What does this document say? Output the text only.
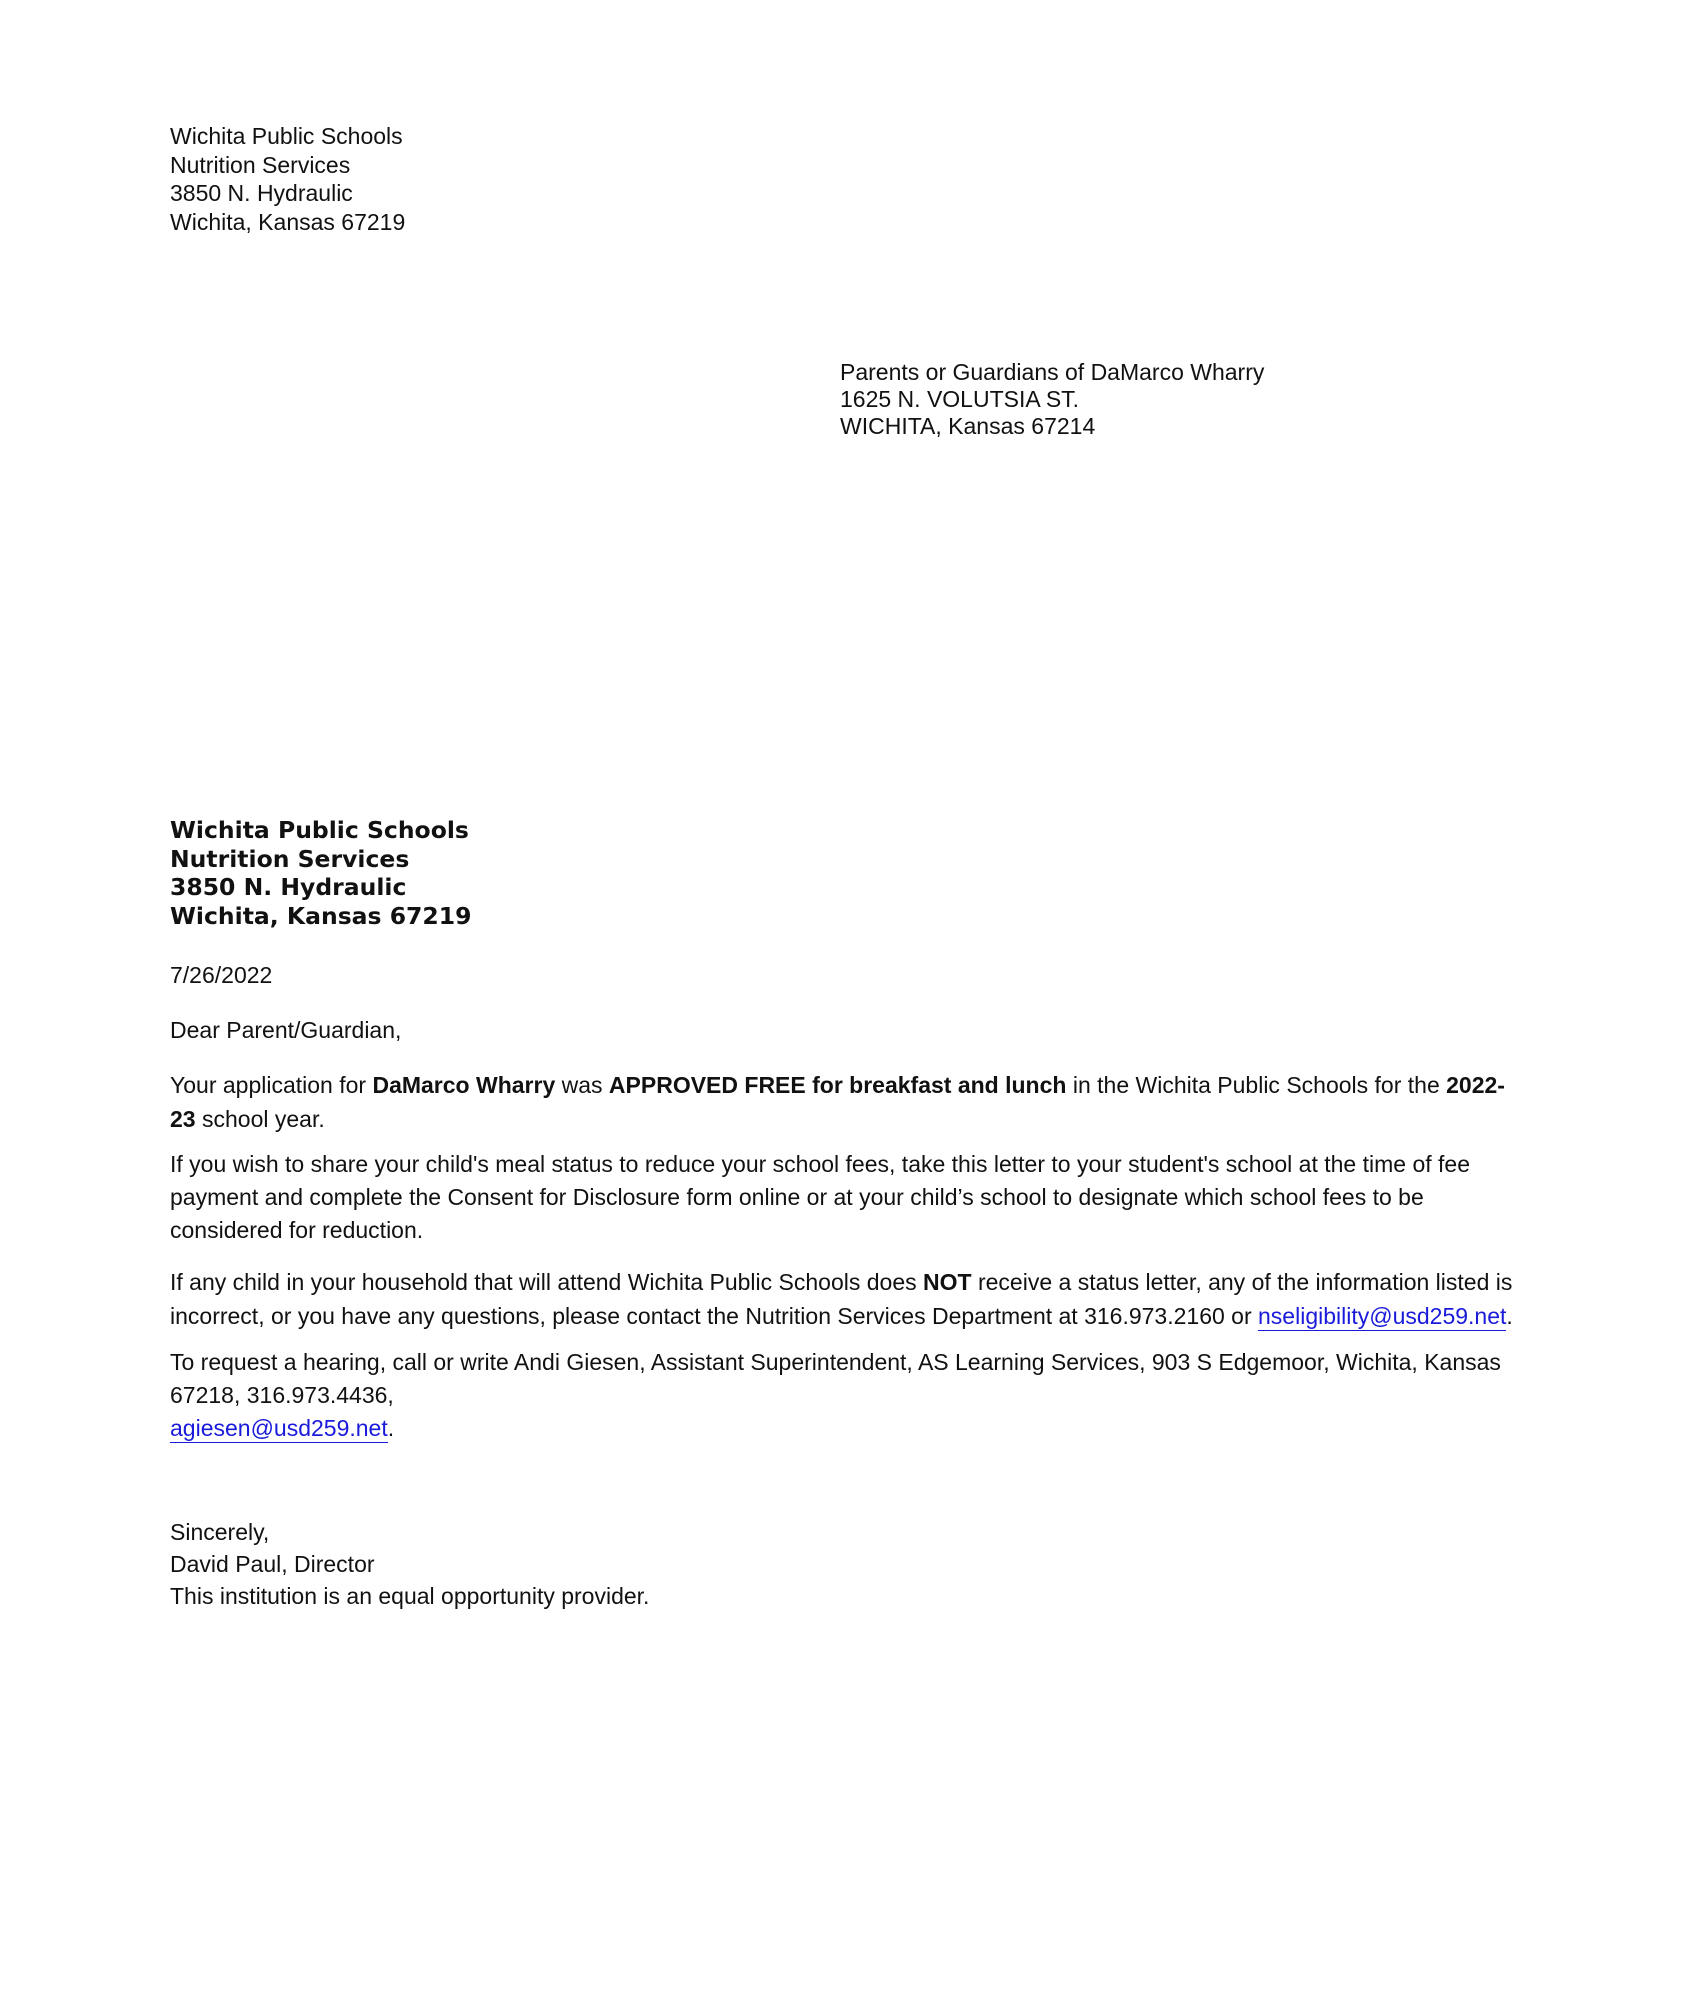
Wichita Public Schools
Nutrition Services
3850 N. Hydraulic
Wichita, Kansas 67219
Parents or Guardians of DaMarco Wharry
1625 N. VOLUTSIA ST.
WICHITA, Kansas 67214
Wichita Public Schools
Nutrition Services
3850 N. Hydraulic
Wichita, Kansas 67219
7/26/2022
Dear Parent/Guardian,
Your application for DaMarco Wharry was APPROVED FREE for breakfast and lunch in the Wichita Public Schools for the 2022-
23 school year.
If you wish to share your child's meal status to reduce your school fees, take this letter to your student's school at the time of fee
payment and complete the Consent for Disclosure form online or at your child’s school to designate which school fees to be
considered for reduction.
If any child in your household that will attend Wichita Public Schools does NOT receive a status letter, any of the information listed is
incorrect, or you have any questions, please contact the Nutrition Services Department at 316.973.2160 or nseligibility@usd259.net.
To request a hearing, call or write Andi Giesen, Assistant Superintendent, AS Learning Services, 903 S Edgemoor, Wichita, Kansas
67218, 316.973.4436,
agiesen@usd259.net.
Sincerely,
David Paul, Director
This institution is an equal opportunity provider.
